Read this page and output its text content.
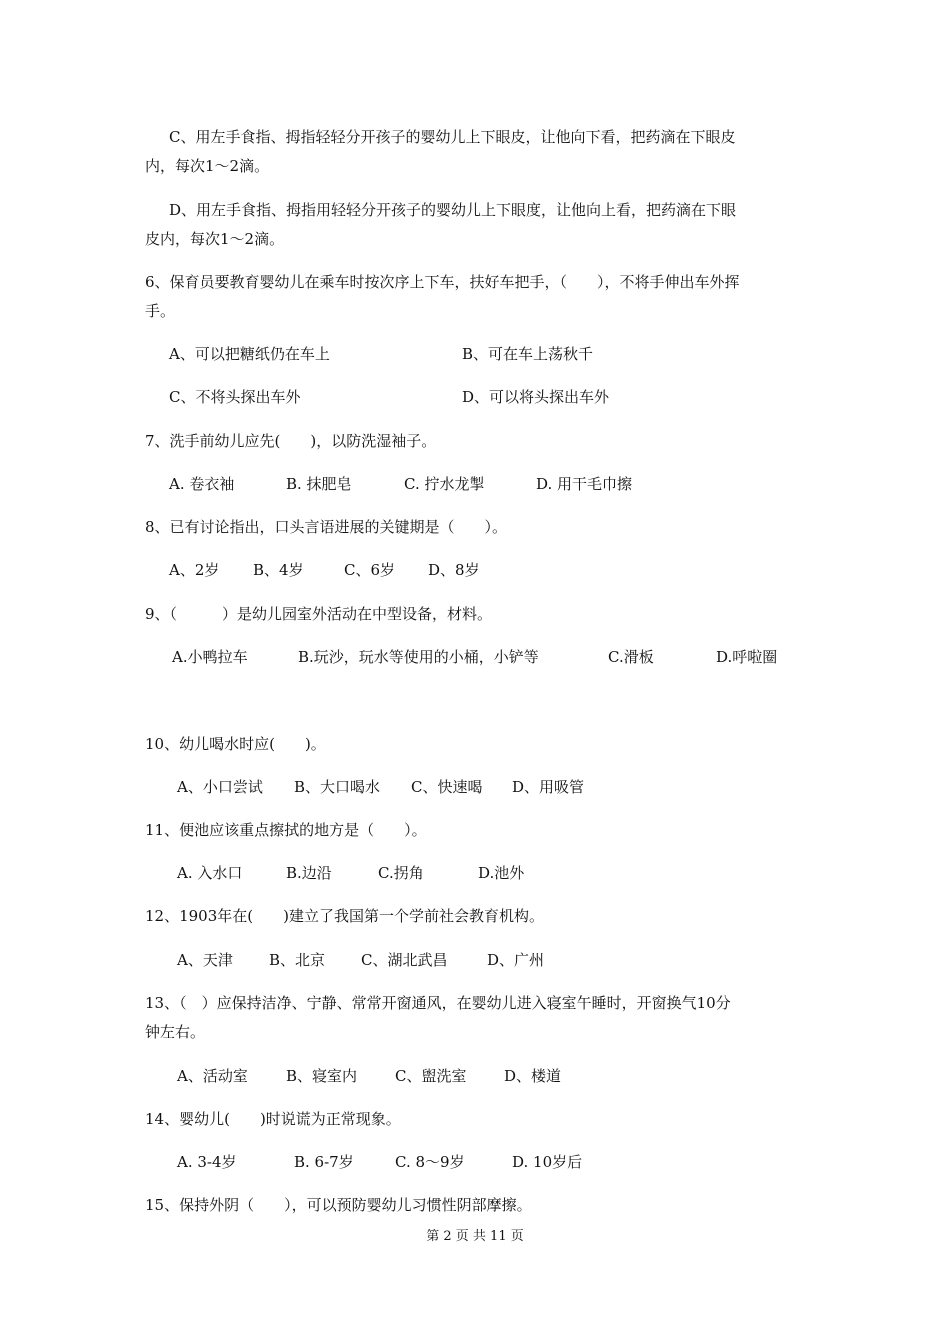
C、用左手食指、拇指轻轻分开孩子的婴幼儿上下眼皮，让他向下看，把药滴在下眼皮
内，每次1～2滴。
D、用左手食指、拇指用轻轻分开孩子的婴幼儿上下眼度，让他向上看，把药滴在下眼
皮内，每次1～2滴。
6、保育员要教育婴幼儿在乘车时按次序上下车，扶好车把手，（　　），不将手伸出车外挥
手。
A、可以把糖纸仍在车上	B、可在车上荡秋千
C、不将头探出车外	D、可以将头探出车外
7、洗手前幼儿应先(　　)，以防洗湿袖子。
A. 卷衣袖	B. 抹肥皂	C. 拧水龙掣	D. 用干毛巾擦
8、已有讨论指出，口头言语进展的关键期是（　　）。
A、2岁 B、4岁	C、6岁 D、8岁
9、（　　　）是幼儿园室外活动在中型设备，材料。
A.小鸭拉车	B.玩沙，玩水等使用的小桶，小铲等	C.滑板	D.呼啦圈
10、幼儿喝水时应(　　)。
A、小口尝试 B、大口喝水 C、快速喝 D、用吸管
11、便池应该重点擦拭的地方是（　　）。
A. 入水口	B.边沿	C.拐角	D.池外
12、1903年在(　　)建立了我国第一个学前社会教育机构。
A、天津 B、北京 C、湖北武昌	D、广州
13、（　）应保持洁净、宁静、常常开窗通风，在婴幼儿进入寝室午睡时，开窗换气10分
钟左右。
A、活动室	B、寝室内	C、盥洗室	D、楼道
14、婴幼儿(　　)时说谎为正常现象。
A. 3-4岁	B. 6-7岁	C. 8～9岁	D. 10岁后
15、保持外阴（　　），可以预防婴幼儿习惯性阴部摩擦。
第 2 页 共 11 页
